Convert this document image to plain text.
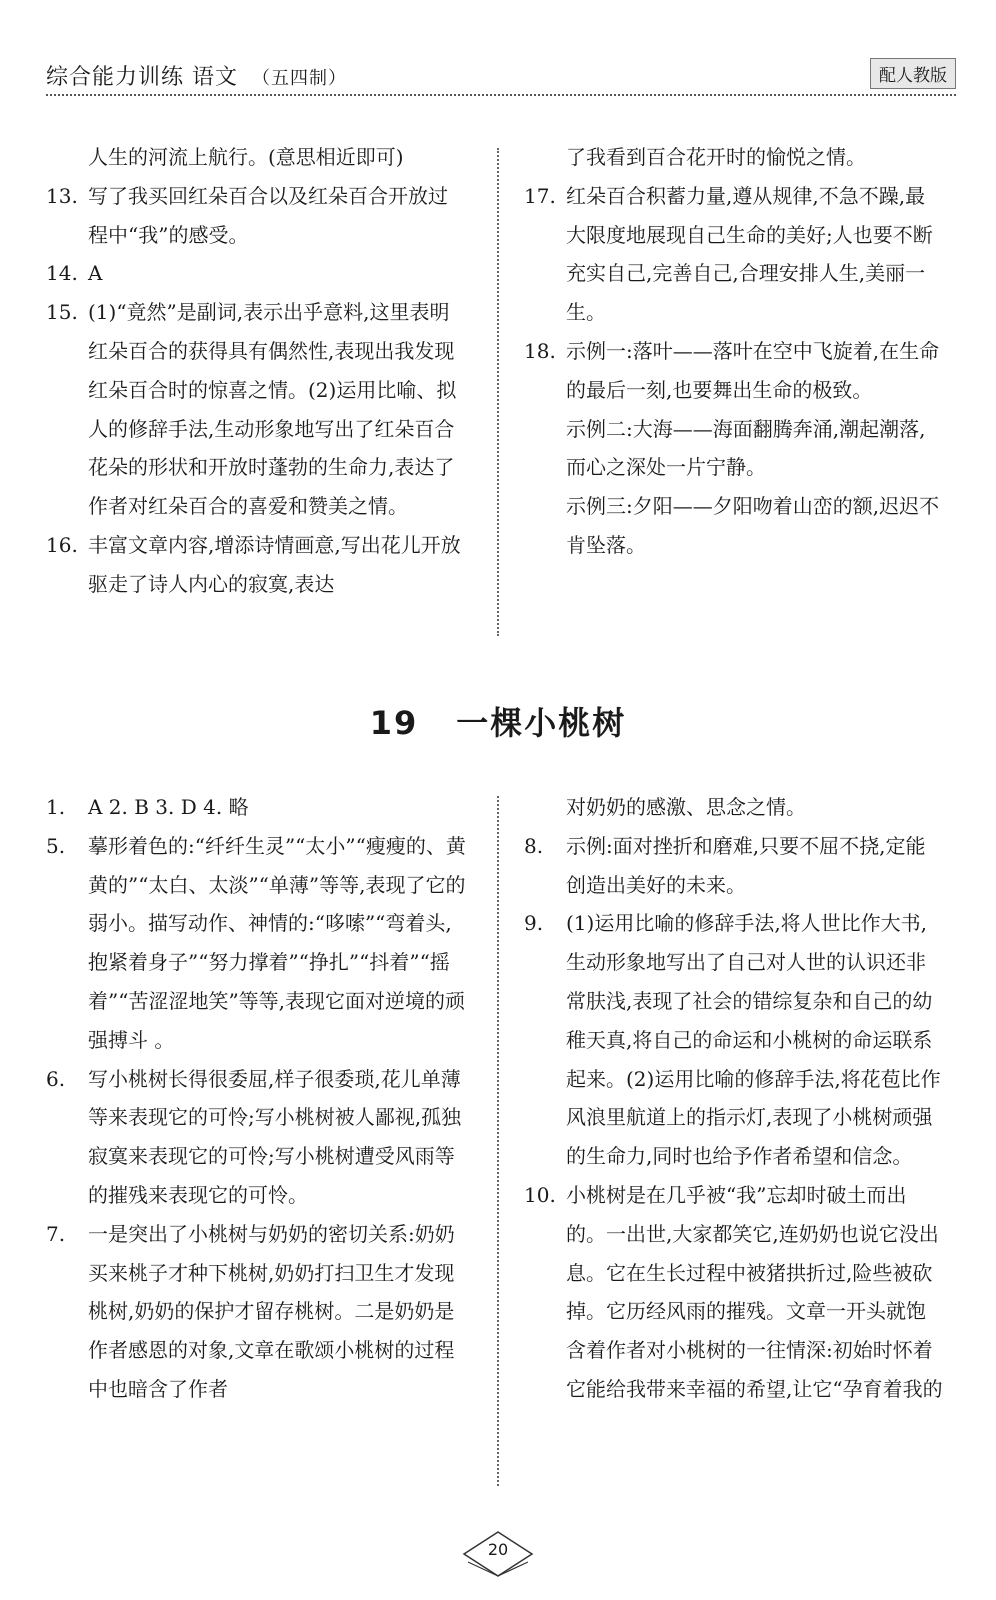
综合能力训练 语文 （五四制）	配人教版
人生的河流上航行。(意思相近即可)
13. 写了我买回红朵百合以及红朵百合开放过程中“我”的感受。
14. A
15. (1)“竟然”是副词,表示出乎意料,这里表明红朵百合的获得具有偶然性,表现出我发现红朵百合时的惊喜之情。(2)运用比喻、拟人的修辞手法,生动形象地写出了红朵百合花朵的形状和开放时蓬勃的生命力,表达了作者对红朵百合的喜爱和赞美之情。
16. 丰富文章内容,增添诗情画意,写出花儿开放驱走了诗人内心的寂寞,表达
了我看到百合花开时的愉悦之情。
17. 红朵百合积蓄力量,遵从规律,不急不躁,最大限度地展现自己生命的美好;人也要不断充实自己,完善自己,合理安排人生,美丽一生。
18. 示例一:落叶——落叶在空中飞旋着,在生命的最后一刻,也要舞出生命的极致。
示例二:大海——海面翻腾奔涌,潮起潮落,而心之深处一片宁静。
示例三:夕阳——夕阳吻着山峦的额,迟迟不肯坠落。
19 一棵小桃树
1. A 2. B 3. D 4. 略
5. 摹形着色的:“纤纤生灵”“太小”“瘦瘦的、黄黄的”“太白、太淡”“单薄”等等,表现了它的弱小。描写动作、神情的:“哆嗦”“弯着头,抱紧着身子”“努力撑着”“挣扎”“抖着”“摇着”“苦涩涩地笑”等等,表现它面对逆境的顽强搏斗 。
6. 写小桃树长得很委屈,样子很委琐,花儿单薄等来表现它的可怜;写小桃树被人鄙视,孤独寂寞来表现它的可怜;写小桃树遭受风雨等的摧残来表现它的可怜。
7. 一是突出了小桃树与奶奶的密切关系:奶奶买来桃子才种下桃树,奶奶打扫卫生才发现桃树,奶奶的保护才留存桃树。二是奶奶是作者感恩的对象,文章在歌颂小桃树的过程中也暗含了作者
对奶奶的感激、思念之情。
8. 示例:面对挫折和磨难,只要不屈不挠,定能创造出美好的未来。
9. (1)运用比喻的修辞手法,将人世比作大书,生动形象地写出了自己对人世的认识还非常肤浅,表现了社会的错综复杂和自己的幼稚天真,将自己的命运和小桃树的命运联系起来。(2)运用比喻的修辞手法,将花苞比作风浪里航道上的指示灯,表现了小桃树顽强的生命力,同时也给予作者希望和信念。
10. 小桃树是在几乎被“我”忘却时破土而出的。一出世,大家都笑它,连奶奶也说它没出息。它在生长过程中被猪拱折过,险些被砍掉。它历经风雨的摧残。文章一开头就饱含着作者对小桃树的一往情深:初始时怀着它能给我带来幸福的希望,让它“孕育着我的
20
